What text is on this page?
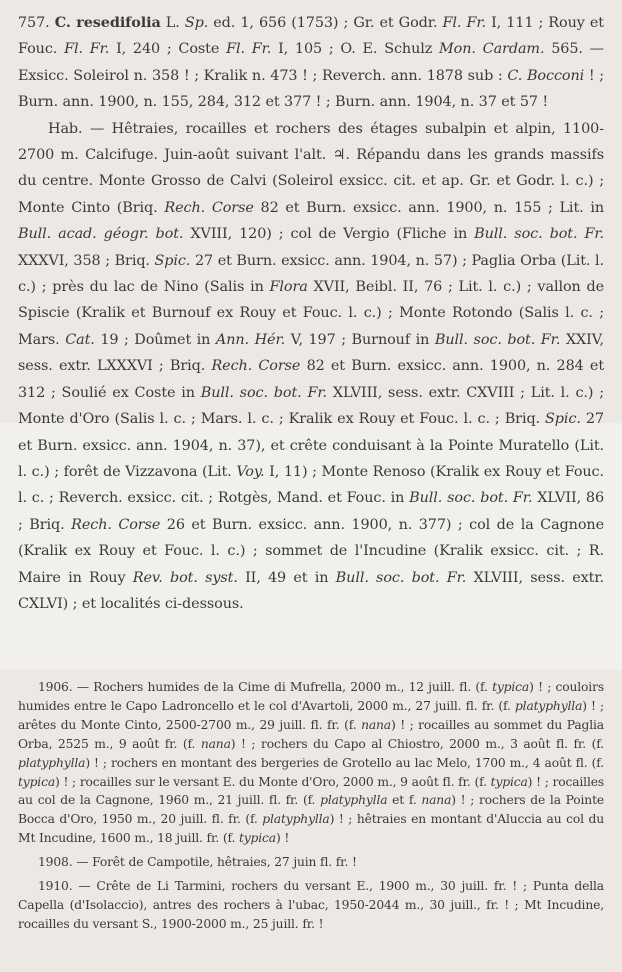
757. C. resedifolia L. Sp. ed. 1, 656 (1753) ; Gr. et Godr. Fl. Fr. I, 111 ; Rouy et Fouc. Fl. Fr. I, 240 ; Coste Fl. Fr. I, 105 ; O. E. Schulz Mon. Cardam. 565. — Exsicc. Soleirol n. 358 ! ; Kralik n. 473 ! ; Reverch. ann. 1878 sub : C. Bocconi ! ; Burn. ann. 1900, n. 155, 284, 312 et 377 ! ; Burn. ann. 1904, n. 37 et 57 !

Hab. — Hêtraies, rocailles et rochers des étages subalpin et alpin, 1100-2700 m. Calcifuge. Juin-août suivant l'alt. ♃. Répandu dans les grands massifs du centre. Monte Grosso de Calvi (Soleirol exsicc. cit. et ap. Gr. et Godr. l. c.) ; Monte Cinto (Briq. Rech. Corse 82 et Burn. exsicc. ann. 1900, n. 155 ; Lit. in Bull. acad. géogr. bot. XVIII, 120) ; col de Vergio (Fliche in Bull. soc. bot. Fr. XXXVI, 358 ; Briq. Spic. 27 et Burn. exsicc. ann. 1904, n. 57) ; Paglia Orba (Lit. l. c.) ; près du lac de Nino (Salis in Flora XVII, Beibl. II, 76 ; Lit. l. c.) ; vallon de Spiscie (Kralik et Burnouf ex Rouy et Fouc. l. c.) ; Monte Rotondo (Salis l. c. ; Mars. Cat. 19 ; Doûmet in Ann. Hér. V, 197 ; Burnouf in Bull. soc. bot. Fr. XXIV, sess. extr. LXXXVI ; Briq. Rech. Corse 82 et Burn. exsicc. ann. 1900, n. 284 et 312 ; Soulié ex Coste in Bull. soc. bot. Fr. XLVIII, sess. extr. CXVIII ; Lit. l. c.) ; Monte d'Oro (Salis l. c. ; Mars. l. c. ; Kralik ex Rouy et Fouc. l. c. ; Briq. Spic. 27 et Burn. exsicc. ann. 1904, n. 37), et crête conduisant à la Pointe Muratello (Lit. l. c.) ; forêt de Vizzavona (Lit. Voy. I, 11) ; Monte Renoso (Kralik ex Rouy et Fouc. l. c. ; Reverch. exsicc. cit. ; Rotgès, Mand. et Fouc. in Bull. soc. bot. Fr. XLVII, 86 ; Briq. Rech. Corse 26 et Burn. exsicc. ann. 1900, n. 377) ; col de la Cagnone (Kralik ex Rouy et Fouc. l. c.) ; sommet de l'Incudine (Kralik exsicc. cit. ; R. Maire in Rouy Rev. bot. syst. II, 49 et in Bull. soc. bot. Fr. XLVIII, sess. extr. CXLVI) ; et localités ci-dessous.

1906. — Rochers humides de la Cime di Mufrella, 2000 m., 12 juill. fl. (f. typica) ! ; couloirs humides entre le Capo Ladroncello et le col d'Avartoli, 2000 m., 27 juill. fl. fr. (f. platyphylla) ! ; arêtes du Monte Cinto, 2500-2700 m., 29 juill. fl. fr. (f. nana) ! ; rocailles au sommet du Paglia Orba, 2525 m., 9 août fr. (f. nana) ! ; rochers du Capo al Chiostro, 2000 m., 3 août fl. fr. (f. platyphylla) ! ; rochers en montant des bergeries de Grotello au lac Melo, 1700 m., 4 août fl. (f. typica) ! ; rocailles sur le versant E. du Monte d'Oro, 2000 m., 9 août fl. fr. (f. typica) ! ; rocailles au col de la Cagnone, 1960 m., 21 juill. fl. fr. (f. platyphylla et f. nana) ! ; rochers de la Pointe Bocca d'Oro, 1950 m., 20 juill. fl. fr. (f. platyphylla) ! ; hêtraies en montant d'Aluccia au col du Mt Incudine, 1600 m., 18 juill. fr. (f. typica) !

1908. — Forêt de Campotile, hêtraies, 27 juin fl. fr. !

1910. — Crête de Li Tarmini, rochers du versant E., 1900 m., 30 juill. fr. ! ; Punta della Capella (d'Isolaccio), antres des rochers à l'ubac, 1950-2044 m., 30 juill., fr. ! ; Mt Incudine, rocailles du versant S., 1900-2000 m., 25 juill. fr. !
